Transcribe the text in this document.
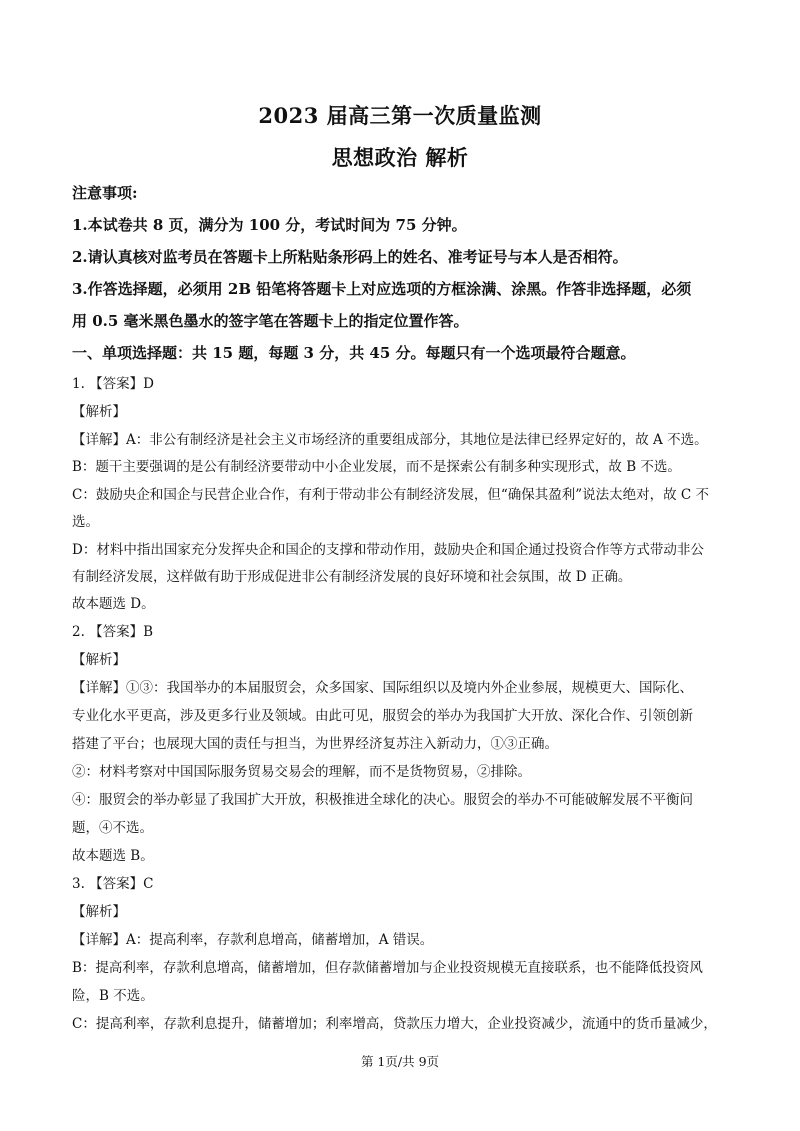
2023 届高三第一次质量监测
思想政治 解析
注意事项:
1.本试卷共 8 页，满分为 100 分，考试时间为 75 分钟。
2.请认真核对监考员在答题卡上所粘贴条形码上的姓名、准考证号与本人是否相符。
3.作答选择题，必须用 2B 铅笔将答题卡上对应选项的方框涂满、涂黑。作答非选择题，必须
用 0.5 毫米黑色墨水的签字笔在答题卡上的指定位置作答。
一、单项选择题：共 15 题，每题 3 分，共 45 分。每题只有一个选项最符合题意。
1. 【答案】D
【解析】
【详解】A：非公有制经济是社会主义市场经济的重要组成部分，其地位是法律已经界定好的，故 A 不选。
B：题干主要强调的是公有制经济要带动中小企业发展，而不是探索公有制多种实现形式，故 B 不选。
C：鼓励央企和国企与民营企业合作，有利于带动非公有制经济发展，但“确保其盈利”说法太绝对，故 C 不
选。
D：材料中指出国家充分发挥央企和国企的支撑和带动作用，鼓励央企和国企通过投资合作等方式带动非公
有制经济发展，这样做有助于形成促进非公有制经济发展的良好环境和社会氛围，故 D 正确。
故本题选 D。
2. 【答案】B
【解析】
【详解】①③：我国举办的本届服贸会，众多国家、国际组织以及境内外企业参展，规模更大、国际化、
专业化水平更高，涉及更多行业及领域。由此可见，服贸会的举办为我国扩大开放、深化合作、引领创新
搭建了平台；也展现大国的责任与担当，为世界经济复苏注入新动力，①③正确。
②：材料考察对中国国际服务贸易交易会的理解，而不是货物贸易，②排除。
④：服贸会的举办彰显了我国扩大开放，积极推进全球化的决心。服贸会的举办不可能破解发展不平衡问
题，④不选。
故本题选 B。
3. 【答案】C
【解析】
【详解】A：提高利率，存款利息增高，储蓄增加，A 错误。
B：提高利率，存款利息增高，储蓄增加，但存款储蓄增加与企业投资规模无直接联系，也不能降低投资风
险，B 不选。
C：提高利率，存款利息提升，储蓄增加；利率增高，贷款压力增大，企业投资减少，流通中的货币量减少，
第 1页/共 9页
